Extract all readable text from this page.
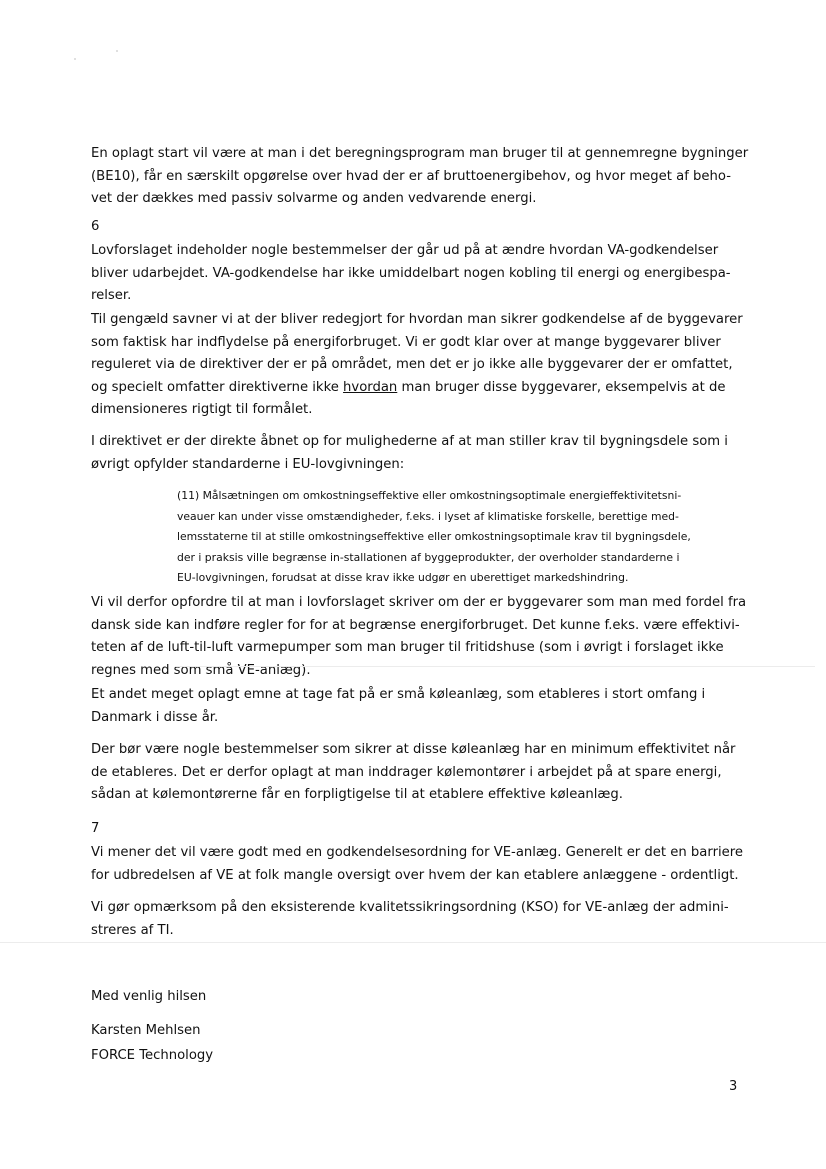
En oplagt start vil være at man i det beregningsprogram man bruger til at gennemregne bygninger
(BE10), får en særskilt opgørelse over hvad der er af bruttoenergibehov, og hvor meget af beho-
vet der dækkes med passiv solvarme og anden vedvarende energi.

6

Lovforslaget indeholder nogle bestemmelser der går ud på at ændre hvordan VA-godkendelser
bliver udarbejdet. VA-godkendelse har ikke umiddelbart nogen kobling til energi og energibespa-
relser.

Til gengæld savner vi at der bliver redegjort for hvordan man sikrer godkendelse af de byggevarer
som faktisk har indflydelse på energiforbruget. Vi er godt klar over at mange byggevarer bliver
reguleret via de direktiver der er på området, men det er jo ikke alle byggevarer der er omfattet,
og specielt omfatter direktiverne ikke hvordan man bruger disse byggevarer, eksempelvis at de
dimensioneres rigtigt til formålet.

I direktivet er der direkte åbnet op for mulighederne af at man stiller krav til bygningsdele som i
øvrigt opfylder standarderne i EU-lovgivningen:

(11) Målsætningen om omkostningseffektive eller omkostningsoptimale energieffektivitetsni-
veauer kan under visse omstændigheder, f.eks. i lyset af klimatiske forskelle, berettige med-
lemsstaterne til at stille omkostningseffektive eller omkostningsoptimale krav til bygningsdele,
der i praksis ville begrænse in-stallationen af byggeprodukter, der overholder standarderne i
EU-lovgivningen, forudsat at disse krav ikke udgør en uberettiget markedshindring.

Vi vil derfor opfordre til at man i lovforslaget skriver om der er byggevarer som man med fordel fra
dansk side kan indføre regler for for at begrænse energiforbruget. Det kunne f.eks. være effektivi-
teten af de luft-til-luft varmepumper som man bruger til fritidshuse (som i øvrigt i forslaget ikke
regnes med som små VE-anlæg).

Et andet meget oplagt emne at tage fat på er små køleanlæg, som etableres i stort omfang i
Danmark i disse år.

Der bør være nogle bestemmelser som sikrer at disse køleanlæg har en minimum effektivitet når
de etableres. Det er derfor oplagt at man inddrager kølemontører i arbejdet på at spare energi,
sådan at kølemontørerne får en forpligtigelse til at etablere effektive køleanlæg.

7

Vi mener det vil være godt med en godkendelsesordning for VE-anlæg. Generelt er det en barriere
for udbredelsen af VE at folk mangle oversigt over hvem der kan etablere anlæggene - ordentligt.

Vi gør opmærksom på den eksisterende kvalitetssikringsordning (KSO) for VE-anlæg der admini-
streres af TI.

Med venlig hilsen

Karsten Mehlsen

FORCE Technology

3
